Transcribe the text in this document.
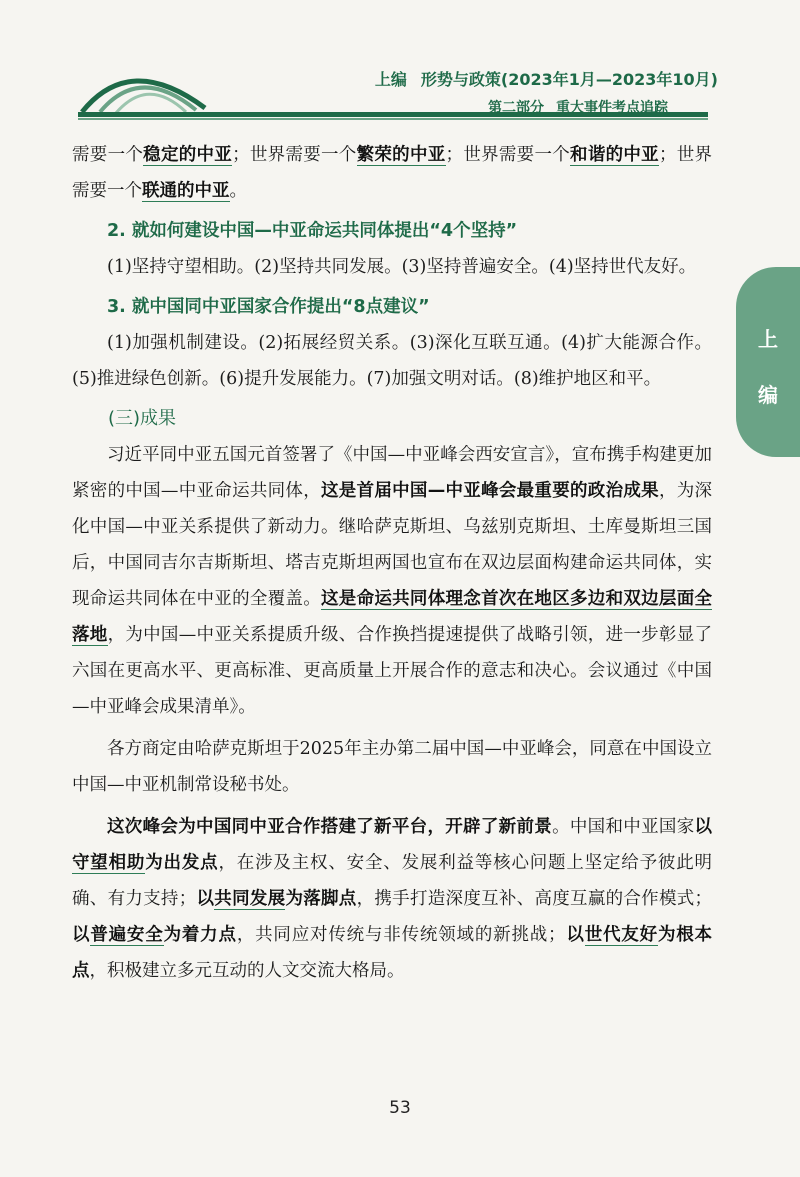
上编 形势与政策(2023年1月—2023年10月)
第二部分 重大事件考点追踪
上
编

需要一个稳定的中亚；世界需要一个繁荣的中亚；世界需要一个和谐的中亚；世界需要一个联通的中亚。

2. 就如何建设中国—中亚命运共同体提出“4个坚持”

(1)坚持守望相助。(2)坚持共同发展。(3)坚持普遍安全。(4)坚持世代友好。

3. 就中国同中亚国家合作提出“8点建议”

(1)加强机制建设。(2)拓展经贸关系。(3)深化互联互通。(4)扩大能源合作。(5)推进绿色创新。(6)提升发展能力。(7)加强文明对话。(8)维护地区和平。

(三)成果

习近平同中亚五国元首签署了《中国—中亚峰会西安宣言》，宣布携手构建更加紧密的中国—中亚命运共同体，这是首届中国—中亚峰会最重要的政治成果，为深化中国—中亚关系提供了新动力。继哈萨克斯坦、乌兹别克斯坦、土库曼斯坦三国后，中国同吉尔吉斯斯坦、塔吉克斯坦两国也宣布在双边层面构建命运共同体，实现命运共同体在中亚的全覆盖。这是命运共同体理念首次在地区多边和双边层面全落地，为中国—中亚关系提质升级、合作换挡提速提供了战略引领，进一步彰显了六国在更高水平、更高标准、更高质量上开展合作的意志和决心。会议通过《中国—中亚峰会成果清单》。

各方商定由哈萨克斯坦于2025年主办第二届中国—中亚峰会，同意在中国设立中国—中亚机制常设秘书处。

这次峰会为中国同中亚合作搭建了新平台，开辟了新前景。中国和中亚国家以守望相助为出发点，在涉及主权、安全、发展利益等核心问题上坚定给予彼此明确、有力支持；以共同发展为落脚点，携手打造深度互补、高度互赢的合作模式；以普遍安全为着力点，共同应对传统与非传统领域的新挑战；以世代友好为根本点，积极建立多元互动的人文交流大格局。

53
